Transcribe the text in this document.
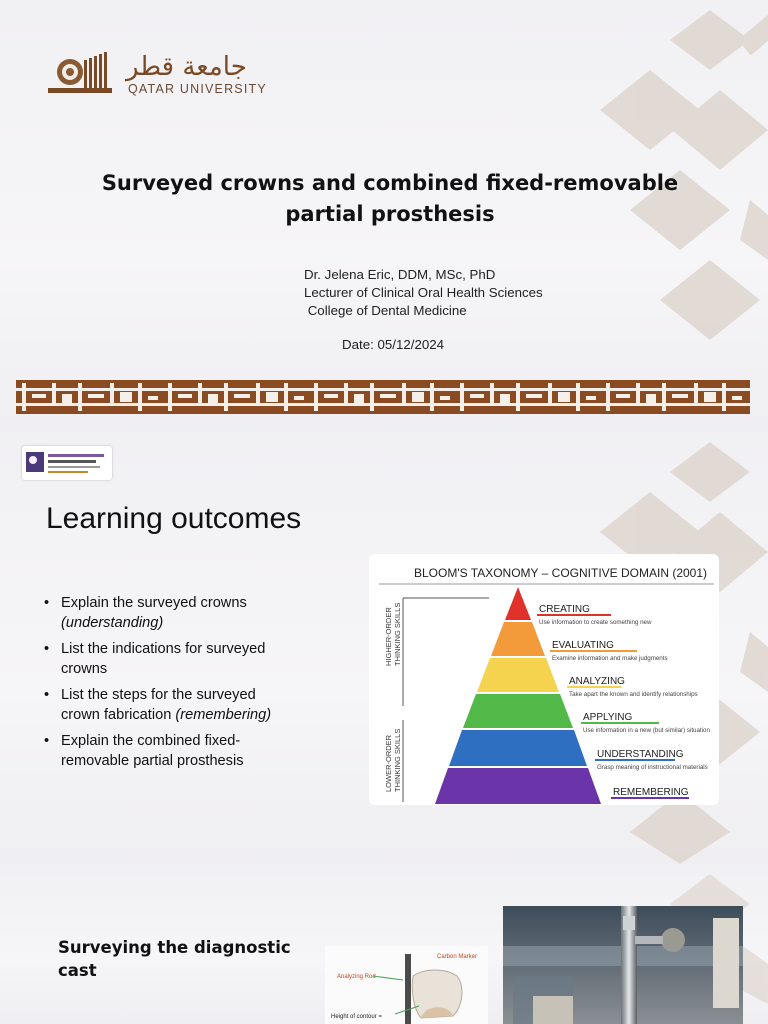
جامعة قطر
QATAR UNIVERSITY
Surveyed crowns and combined fixed-removable
partial prosthesis
Dr. Jelena Eric, DDM, MSc, PhD
Lecturer of Clinical Oral Health Sciences
College of Dental Medicine
Date: 05/12/2024
Learning outcomes
• Explain the surveyed crowns (understanding)
• List the indications for surveyed crowns
• List the steps for the surveyed crown fabrication (remembering)
• Explain the combined fixed-removable partial prosthesis
BLOOM'S TAXONOMY – COGNITIVE DOMAIN (2001)
HIGHER-ORDER THINKING SKILLS
LOWER-ORDER THINKING SKILLS
CREATING
Use information to create something new
EVALUATING
Examine information and make judgments
ANALYZING
Take apart the known and identify relationships
APPLYING
Use information in a new (but similar) situation
UNDERSTANDING
Grasp meaning of instructional materials
REMEMBERING
Surveying the diagnostic cast
Carbon Marker
Analyzing Rod
Height of contour =
